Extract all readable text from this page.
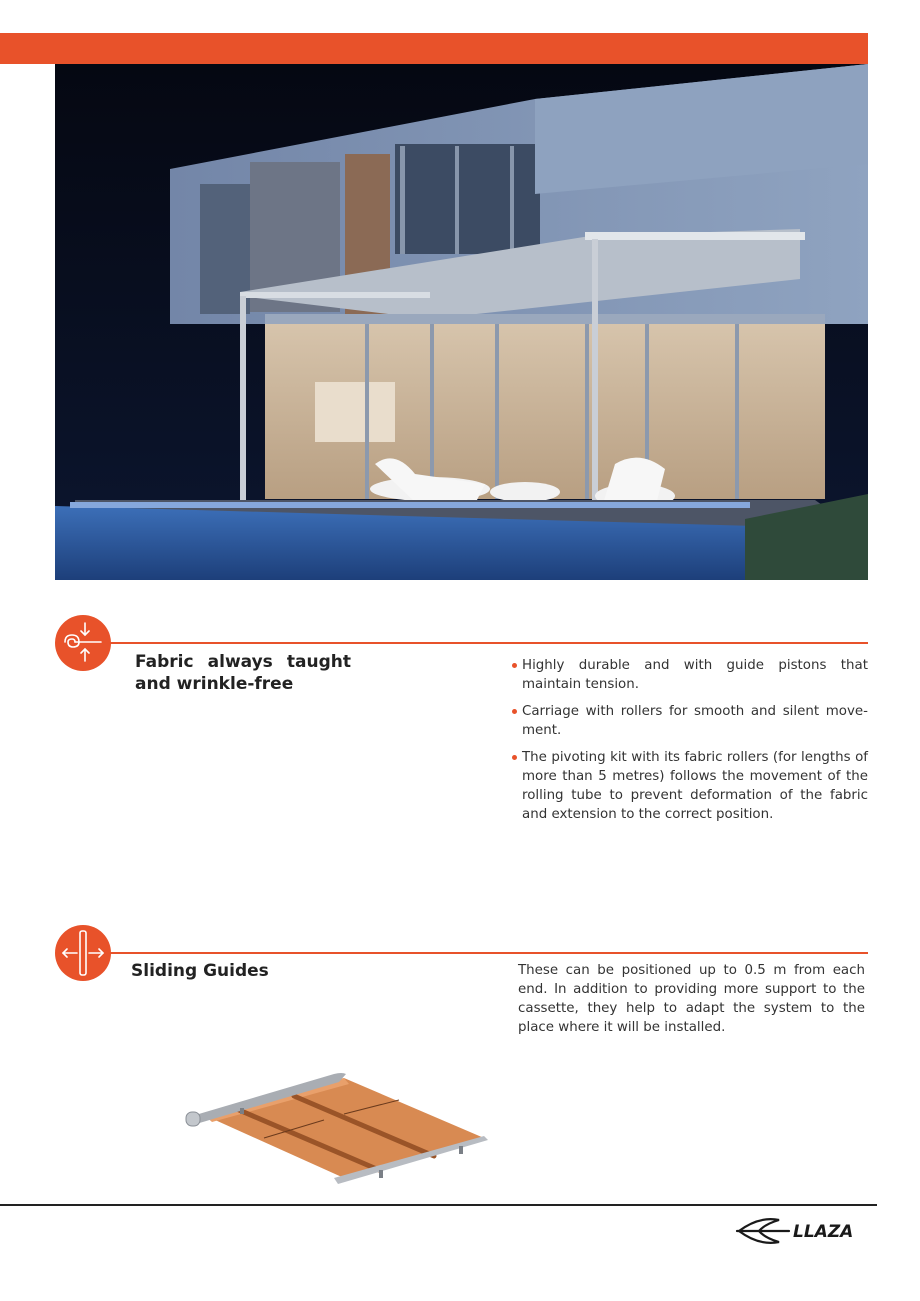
Fabric always taught and wrinkle-free
Highly durable and with guide pistons that maintain tension.
Carriage with rollers for smooth and silent move-ment.
The pivoting kit with its fabric rollers (for lengths of more than 5 metres) follows the movement of the rolling tube to prevent deformation of the fabric and extension to the correct position.
Sliding Guides	These can be positioned up to 0.5 m from each end. In addition to providing more support to the cassette, they help to adapt the system to the place where it will be installed.
LLAZA
